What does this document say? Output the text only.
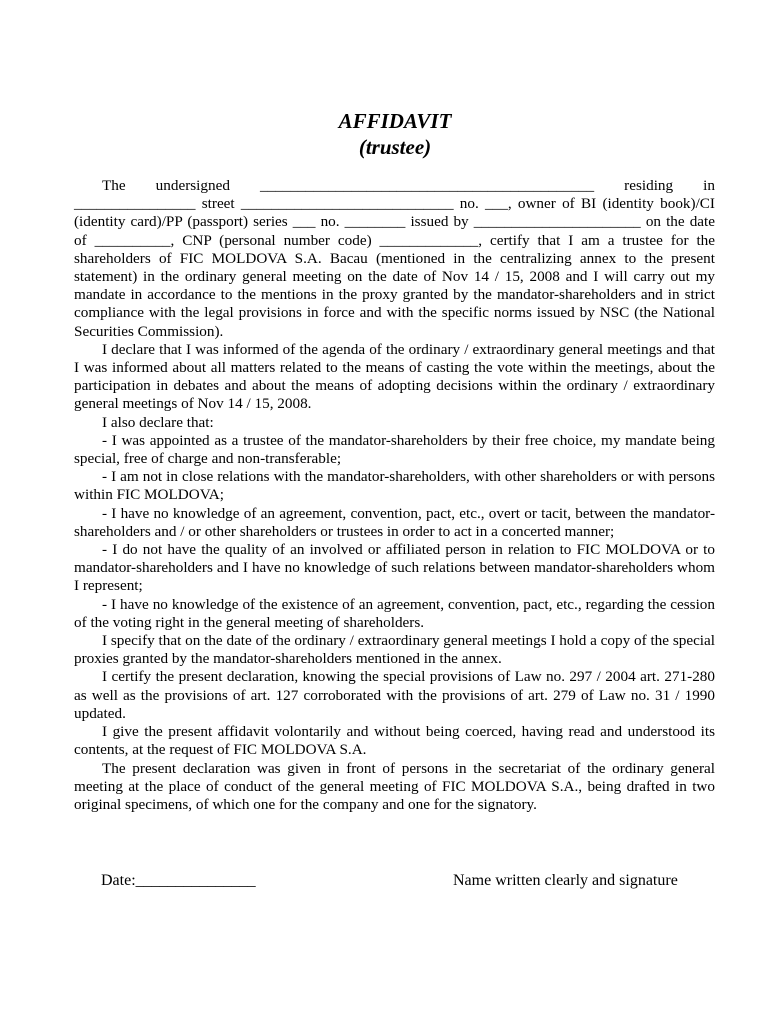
AFFIDAVIT
(trustee)

The undersigned ____________________________________________ residing in ________________ street ____________________________ no. ___, owner of BI (identity book)/CI (identity card)/PP (passport) series ___ no. ________ issued by ______________________ on the date of __________, CNP (personal number code) _____________, certify that I am a trustee for the shareholders of FIC MOLDOVA S.A. Bacau (mentioned in the centralizing annex to the present statement) in the ordinary general meeting on the date of Nov 14 / 15, 2008 and I will carry out my mandate in accordance to the mentions in the proxy granted by the mandator-shareholders and in strict compliance with the legal provisions in force and with the specific norms issued by NSC (the National Securities Commission).

I declare that I was informed of the agenda of the ordinary / extraordinary general meetings and that I was informed about all matters related to the means of casting the vote within the meetings, about the participation in debates and about the means of adopting decisions within the ordinary / extraordinary general meetings of Nov 14 / 15, 2008.

I also declare that:

- I was appointed as a trustee of the mandator-shareholders by their free choice, my mandate being special, free of charge and non-transferable;

- I am not in close relations with the mandator-shareholders, with other shareholders or with persons within FIC MOLDOVA;

- I have no knowledge of an agreement, convention, pact, etc., overt or tacit, between the mandator-shareholders and / or other shareholders or trustees in order to act in a concerted manner;

- I do not have the quality of an involved or affiliated person in relation to FIC MOLDOVA or to mandator-shareholders and I have no knowledge of such relations between mandator-shareholders whom I represent;

- I have no knowledge of the existence of an agreement, convention, pact, etc., regarding the cession of the voting right in the general meeting of shareholders.

I specify that on the date of the ordinary / extraordinary general meetings I hold a copy of the special proxies granted by the mandator-shareholders mentioned in the annex.

I certify the present declaration, knowing the special provisions of Law no. 297 / 2004 art. 271-280 as well as the provisions of art. 127 corroborated with the provisions of art. 279 of Law no. 31 / 1990 updated.

I give the present affidavit volontarily and without being coerced, having read and understood its contents, at the request of FIC MOLDOVA S.A.

The present declaration was given in front of persons in the secretariat of the ordinary general meeting at the place of conduct of the general meeting of FIC MOLDOVA S.A., being drafted in two original specimens, of which one for the company and one for the signatory.

Date:_______________	Name written clearly and signature
